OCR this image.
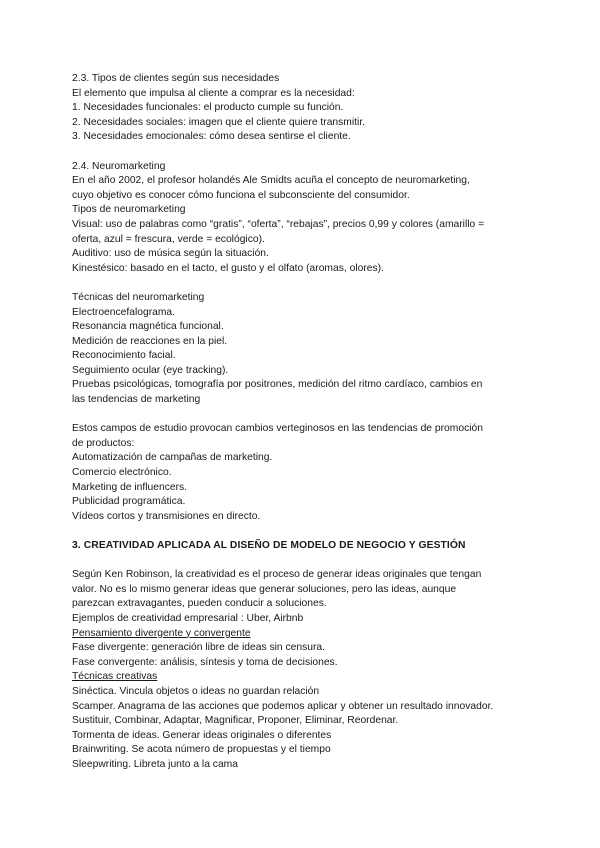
2.3. Tipos de clientes según sus necesidades
El elemento que impulsa al cliente a comprar es la necesidad:
1. Necesidades funcionales: el producto cumple su función.
2. Necesidades sociales: imagen que el cliente quiere transmitir.
3. Necesidades emocionales: cómo desea sentirse el cliente.
2.4. Neuromarketing
En el año 2002, el profesor holandés Ale Smidts acuña el concepto de neuromarketing,
cuyo objetivo es conocer cómo funciona el subconsciente del consumidor.
Tipos de neuromarketing
Visual: uso de palabras como “gratis”, “oferta”, “rebajas”, precios 0,99 y colores (amarillo =
oferta, azul = frescura, verde = ecológico).
Auditivo: uso de música según la situación.
Kinestésico: basado en el tacto, el gusto y el olfato (aromas, olores).
Técnicas del neuromarketing
Electroencefalograma.
Resonancia magnética funcional.
Medición de reacciones en la piel.
Reconocimiento facial.
Seguimiento ocular (eye tracking).
Pruebas psicológicas, tomografía por positrones, medición del ritmo cardíaco, cambios en
las tendencias de marketing
Estos campos de estudio provocan cambios verteginosos en las tendencias de promoción
de productos:
Automatización de campañas de marketing.
Comercio electrónico.
Marketing de influencers.
Publicidad programática.
Vídeos cortos y transmisiones en directo.
3. CREATIVIDAD APLICADA AL DISEÑO DE MODELO DE NEGOCIO Y GESTIÓN
Según Ken Robinson, la creatividad es el proceso de generar ideas originales que tengan
valor. No es lo mismo generar ideas que generar soluciones, pero las ideas, aunque
parezcan extravagantes, pueden conducir a soluciones.
Ejemplos de creatividad empresarial : Uber, Airbnb
Pensamiento divergente y convergente
Fase divergente: generación libre de ideas sin censura.
Fase convergente: análisis, síntesis y toma de decisiones.
Técnicas creativas
Sinéctica. Vincula objetos o ideas no guardan relación
Scamper. Anagrama de las acciones que podemos aplicar y obtener un resultado innovador.
Sustituir, Combinar, Adaptar, Magnificar, Proponer, Eliminar, Reordenar.
Tormenta de ideas. Generar ideas originales o diferentes
Brainwriting. Se acota número de propuestas y el tiempo
Sleepwriting. Libreta junto a la cama
